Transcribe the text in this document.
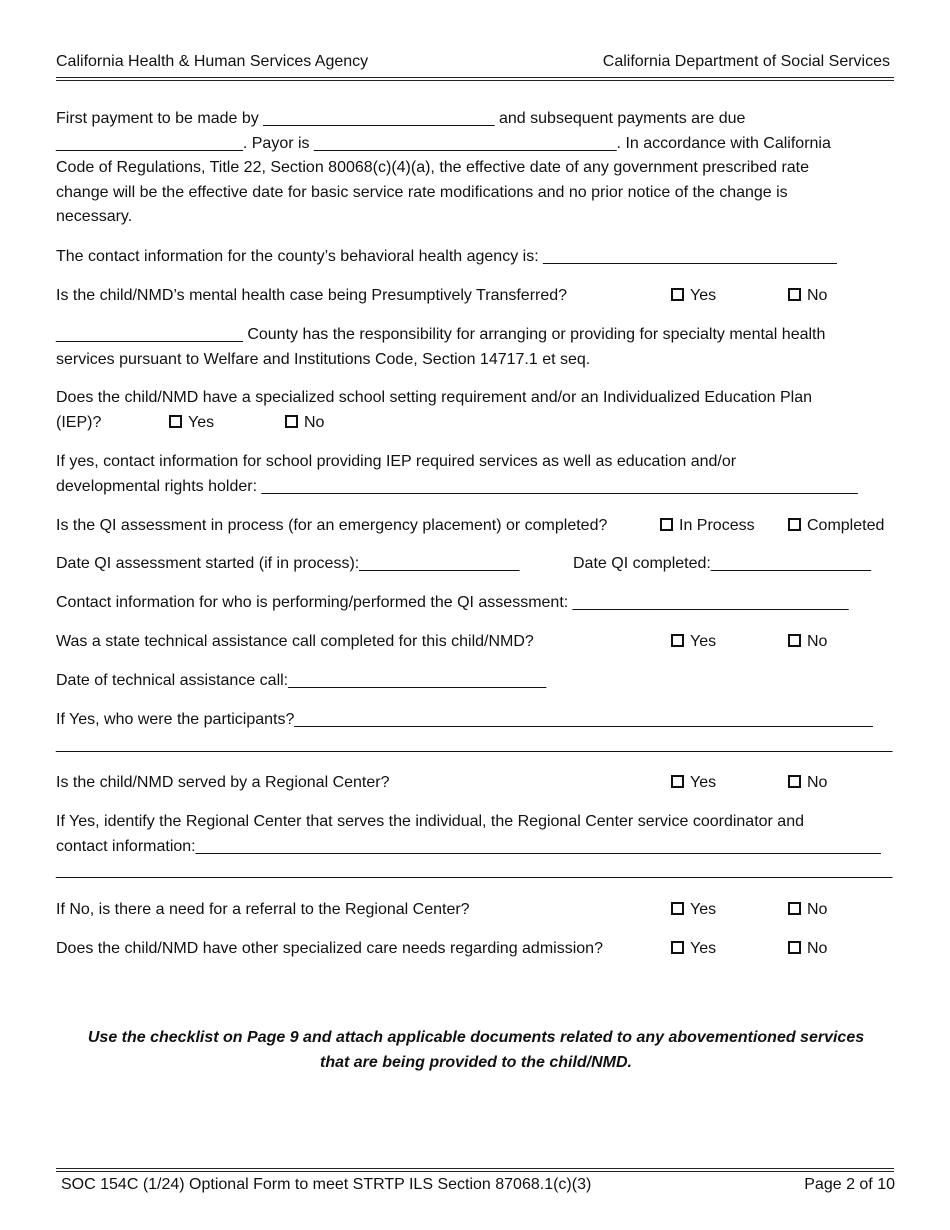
California Health & Human Services Agency	California Department of Social Services
First payment to be made by __________________________ and subsequent payments are due
_____________________. Payor is __________________________________. In accordance with California
Code of Regulations, Title 22, Section 80068(c)(4)(a), the effective date of any government prescribed rate
change will be the effective date for basic service rate modifications and no prior notice of the change is
necessary.
The contact information for the county’s behavioral health agency is: _________________________________
Is the child/NMD’s mental health case being Presumptively Transferred?	Yes	No
_____________________ County has the responsibility for arranging or providing for specialty mental health
services pursuant to Welfare and Institutions Code, Section 14717.1 et seq.
Does the child/NMD have a specialized school setting requirement and/or an Individualized Education Plan
(IEP)?	Yes	No
If yes, contact information for school providing IEP required services as well as education and/or
developmental rights holder: ___________________________________________________________________
Is the QI assessment in process (for an emergency placement) or completed?	In Process	Completed
Date QI assessment started (if in process):__________________	Date QI completed:__________________
Contact information for who is performing/performed the QI assessment: _______________________________
Was a state technical assistance call completed for this child/NMD?	Yes	No
Date of technical assistance call:_____________________________
If Yes, who were the participants?_________________________________________________________________
______________________________________________________________________________________________
Is the child/NMD served by a Regional Center?	Yes	No
If Yes, identify the Regional Center that serves the individual, the Regional Center service coordinator and
contact information:_____________________________________________________________________________
______________________________________________________________________________________________
If No, is there a need for a referral to the Regional Center?	Yes	No
Does the child/NMD have other specialized care needs regarding admission?	Yes	No
Use the checklist on Page 9 and attach applicable documents related to any abovementioned services
that are being provided to the child/NMD.
SOC 154C (1/24) Optional Form to meet STRTP ILS Section 87068.1(c)(3)	Page 2 of 10
